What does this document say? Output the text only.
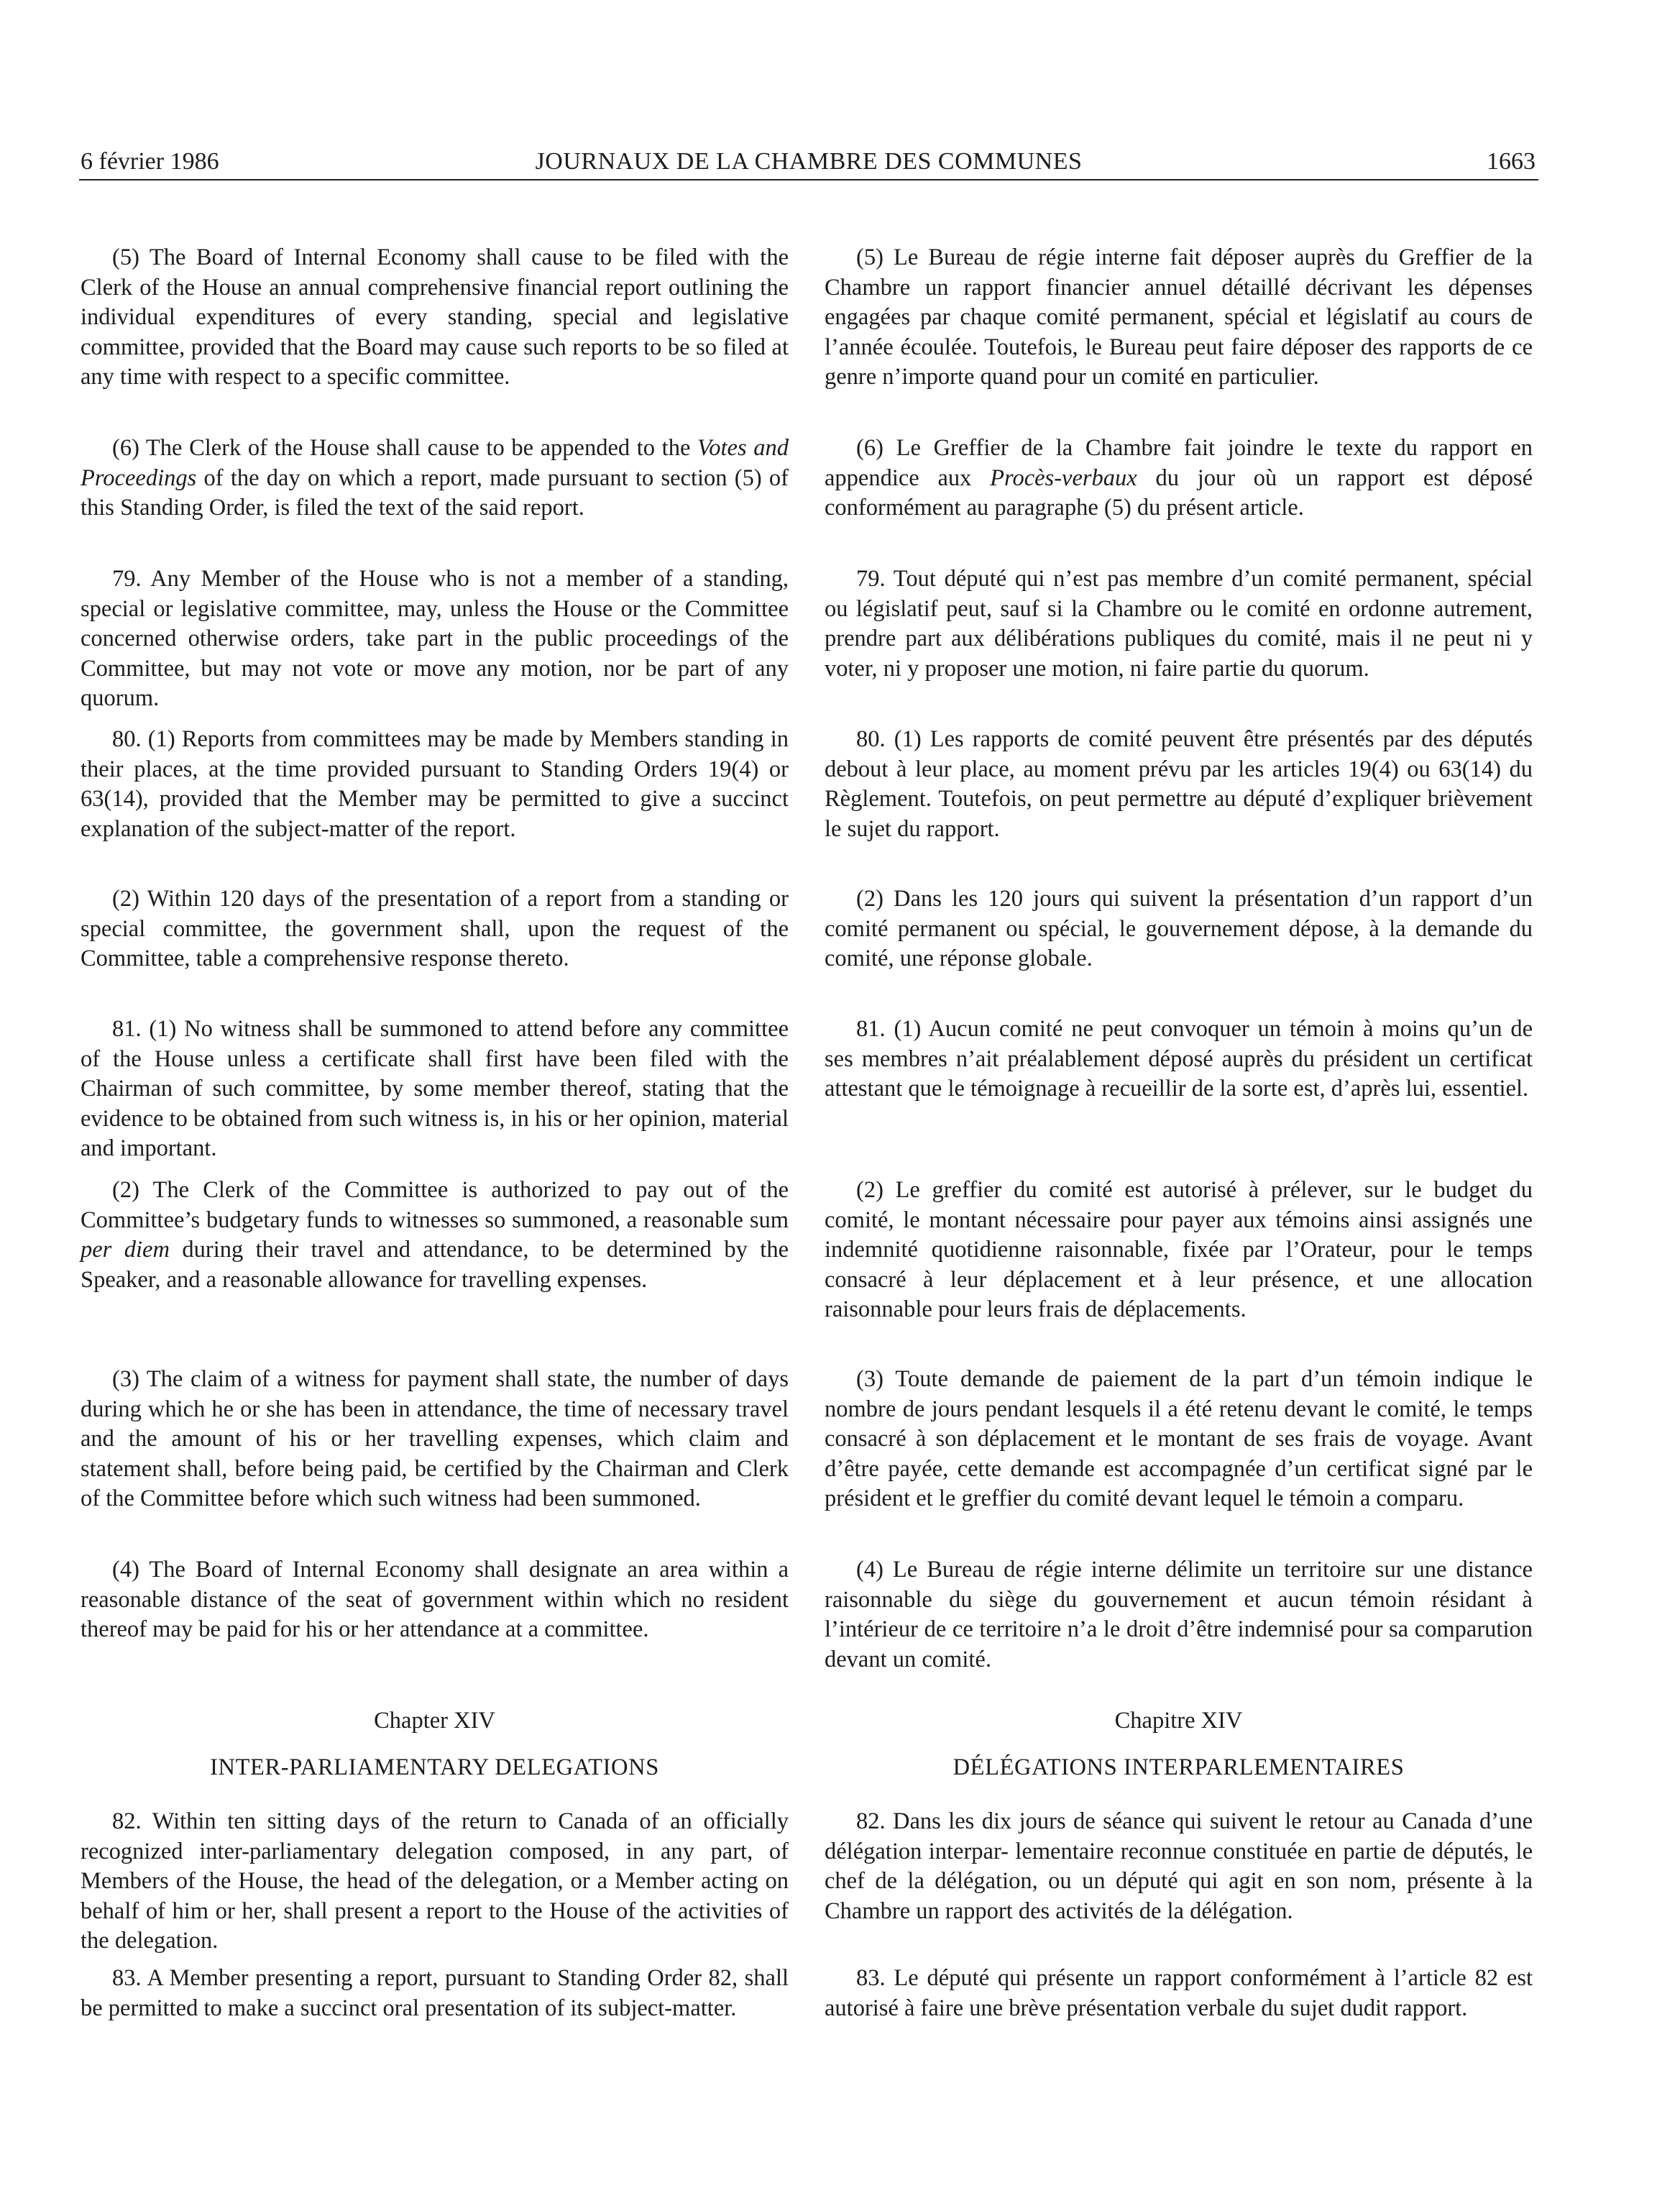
6 février 1986	JOURNAUX DE LA CHAMBRE DES COMMUNES	1663

(5) The Board of Internal Economy shall cause to be filed with the Clerk of the House an annual comprehensive financial report outlining the individual expenditures of every standing, special and legislative committee, provided that the Board may cause such reports to be so filed at any time with respect to a specific committee.

(6) The Clerk of the House shall cause to be appended to the Votes and Proceedings of the day on which a report, made pursuant to section (5) of this Standing Order, is filed the text of the said report.

79. Any Member of the House who is not a member of a standing, special or legislative committee, may, unless the House or the Committee concerned otherwise orders, take part in the public proceedings of the Committee, but may not vote or move any motion, nor be part of any quorum.

80. (1) Reports from committees may be made by Members standing in their places, at the time provided pursuant to Standing Orders 19(4) or 63(14), provided that the Member may be permitted to give a succinct explanation of the subject-matter of the report.

(2) Within 120 days of the presentation of a report from a standing or special committee, the government shall, upon the request of the Committee, table a comprehensive response thereto.

81. (1) No witness shall be summoned to attend before any committee of the House unless a certificate shall first have been filed with the Chairman of such committee, by some member thereof, stating that the evidence to be obtained from such witness is, in his or her opinion, material and important.

(2) The Clerk of the Committee is authorized to pay out of the Committee’s budgetary funds to witnesses so summoned, a reasonable sum per diem during their travel and attendance, to be determined by the Speaker, and a reasonable allowance for travelling expenses.

(3) The claim of a witness for payment shall state, the number of days during which he or she has been in attendance, the time of necessary travel and the amount of his or her travelling expenses, which claim and statement shall, before being paid, be certified by the Chairman and Clerk of the Committee before which such witness had been summoned.

(4) The Board of Internal Economy shall designate an area within a reasonable distance of the seat of government within which no resident thereof may be paid for his or her attendance at a committee.

Chapter XIV

INTER-PARLIAMENTARY DELEGATIONS

82. Within ten sitting days of the return to Canada of an officially recognized inter-parliamentary delegation composed, in any part, of Members of the House, the head of the delegation, or a Member acting on behalf of him or her, shall present a report to the House of the activities of the delegation.

83. A Member presenting a report, pursuant to Standing Order 82, shall be permitted to make a succinct oral presentation of its subject-matter.

(5) Le Bureau de régie interne fait déposer auprès du Greffier de la Chambre un rapport financier annuel détaillé décrivant les dépenses engagées par chaque comité permanent, spécial et législatif au cours de l’année écoulée. Toutefois, le Bureau peut faire déposer des rapports de ce genre n’importe quand pour un comité en particulier.

(6) Le Greffier de la Chambre fait joindre le texte du rapport en appendice aux Procès-verbaux du jour où un rapport est déposé conformément au paragraphe (5) du présent article.

79. Tout député qui n’est pas membre d’un comité permanent, spécial ou législatif peut, sauf si la Chambre ou le comité en ordonne autrement, prendre part aux délibérations publiques du comité, mais il ne peut ni y voter, ni y proposer une motion, ni faire partie du quorum.

80. (1) Les rapports de comité peuvent être présentés par des députés debout à leur place, au moment prévu par les articles 19(4) ou 63(14) du Règlement. Toutefois, on peut permettre au député d’expliquer brièvement le sujet du rapport.

(2) Dans les 120 jours qui suivent la présentation d’un rapport d’un comité permanent ou spécial, le gouvernement dépose, à la demande du comité, une réponse globale.

81. (1) Aucun comité ne peut convoquer un témoin à moins qu’un de ses membres n’ait préalablement déposé auprès du président un certificat attestant que le témoignage à recueillir de la sorte est, d’après lui, essentiel.

(2) Le greffier du comité est autorisé à prélever, sur le budget du comité, le montant nécessaire pour payer aux témoins ainsi assignés une indemnité quotidienne raisonnable, fixée par l’Orateur, pour le temps consacré à leur déplacement et à leur présence, et une allocation raisonnable pour leurs frais de déplacements.

(3) Toute demande de paiement de la part d’un témoin indique le nombre de jours pendant lesquels il a été retenu devant le comité, le temps consacré à son déplacement et le montant de ses frais de voyage. Avant d’être payée, cette demande est accompagnée d’un certificat signé par le président et le greffier du comité devant lequel le témoin a comparu.

(4) Le Bureau de régie interne délimite un territoire sur une distance raisonnable du siège du gouvernement et aucun témoin résidant à l’intérieur de ce territoire n’a le droit d’être indemnisé pour sa comparution devant un comité.

Chapitre XIV

DÉLÉGATIONS INTERPARLEMENTAIRES

82. Dans les dix jours de séance qui suivent le retour au Canada d’une délégation interpar- lementaire reconnue constituée en partie de députés, le chef de la délégation, ou un député qui agit en son nom, présente à la Chambre un rapport des activités de la délégation.

83. Le député qui présente un rapport conformément à l’article 82 est autorisé à faire une brève présentation verbale du sujet dudit rapport.
